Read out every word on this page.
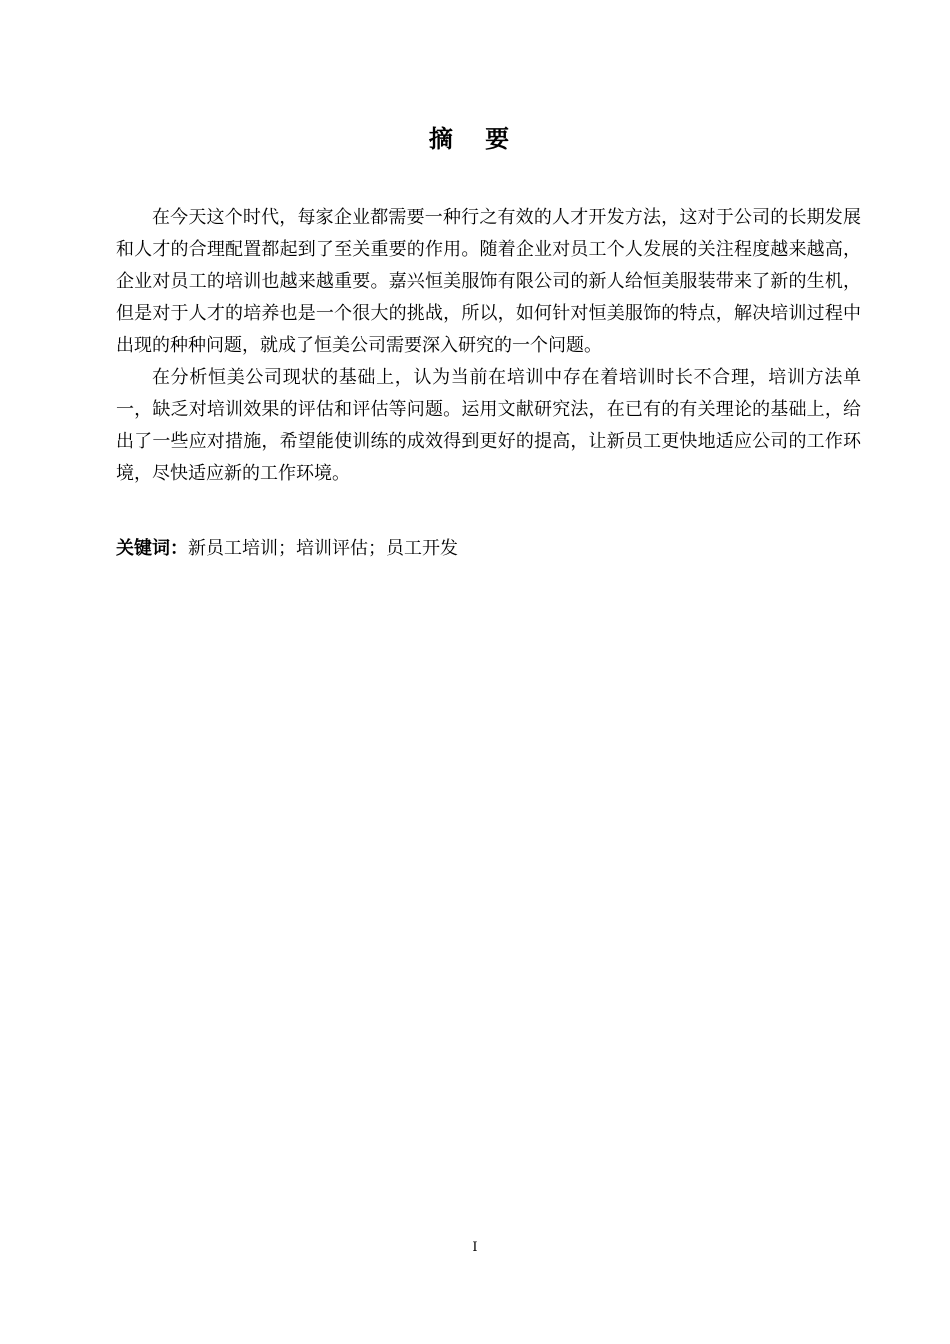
摘 要

在今天这个时代，每家企业都需要一种行之有效的人才开发方法，这对于公司的长期发展和人才的合理配置都起到了至关重要的作用。随着企业对员工个人发展的关注程度越来越高，企业对员工的培训也越来越重要。嘉兴恒美服饰有限公司的新人给恒美服装带来了新的生机，但是对于人才的培养也是一个很大的挑战，所以，如何针对恒美服饰的特点，解决培训过程中出现的种种问题，就成了恒美公司需要深入研究的一个问题。

在分析恒美公司现状的基础上，认为当前在培训中存在着培训时长不合理，培训方法单一，缺乏对培训效果的评估和评估等问题。运用文献研究法，在已有的有关理论的基础上，给出了一些应对措施，希望能使训练的成效得到更好的提高，让新员工更快地适应公司的工作环境，尽快适应新的工作环境。

关键词：新员工培训；培训评估；员工开发
I
